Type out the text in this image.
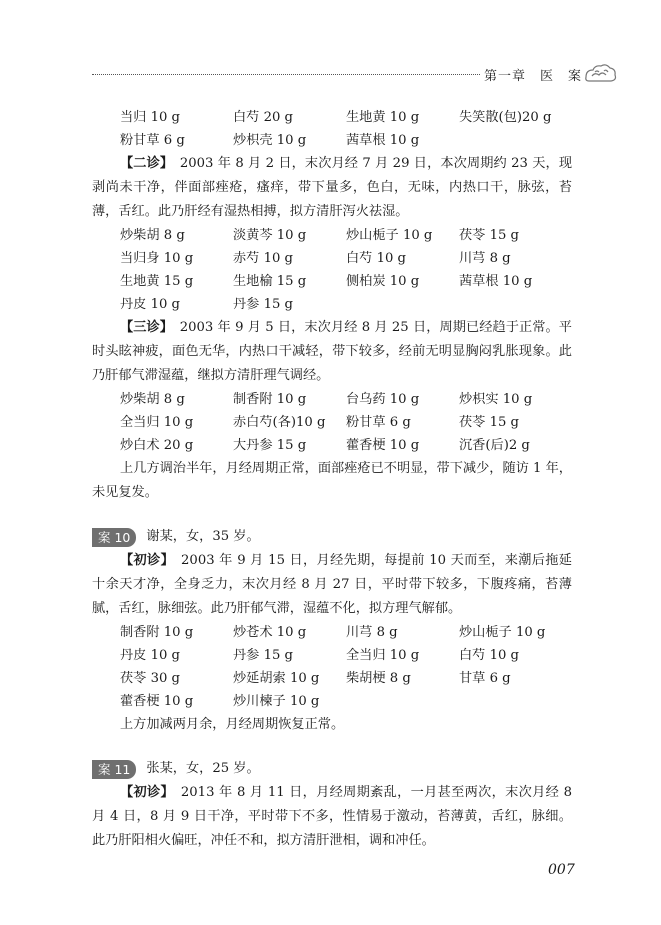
第一章 医　案
当归 10 g	白芍 20 g	生地黄 10 g	失笑散(包)20 g
粉甘草 6 g	炒枳壳 10 g	茜草根 10 g

【二诊】　2003 年 8 月 2 日，末次月经 7 月 29 日，本次周期约 23 天，现剥尚未干净，伴面部痤疮，瘙痒，带下量多，色白，无味，内热口干，脉弦，苔薄，舌红。此乃肝经有湿热相搏，拟方清肝泻火祛湿。

炒柴胡 8 g	淡黄芩 10 g	炒山栀子 10 g	茯苓 15 g
当归身 10 g	赤芍 10 g	白芍 10 g	川芎 8 g
生地黄 15 g	生地榆 15 g	侧柏炭 10 g	茜草根 10 g
丹皮 10 g	丹参 15 g

【三诊】　2003 年 9 月 5 日，末次月经 8 月 25 日，周期已经趋于正常。平时头眩神疲，面色无华，内热口干减轻，带下较多，经前无明显胸闷乳胀现象。此乃肝郁气滞湿蕴，继拟方清肝理气调经。

炒柴胡 8 g	制香附 10 g	台乌药 10 g	炒枳实 10 g
全当归 10 g	赤白芍(各)10 g	粉甘草 6 g	茯苓 15 g
炒白术 20 g	大丹参 15 g	藿香梗 10 g	沉香(后)2 g

上几方调治半年，月经周期正常，面部痤疮已不明显，带下减少，随访 1 年，未见复发。

案 10	谢某，女，35 岁。

【初诊】　2003 年 9 月 15 日，月经先期，每提前 10 天而至，来潮后拖延十余天才净，全身乏力，末次月经 8 月 27 日，平时带下较多，下腹疼痛，苔薄腻，舌红，脉细弦。此乃肝郁气滞，湿蕴不化，拟方理气解郁。

制香附 10 g	炒苍术 10 g	川芎 8 g	炒山栀子 10 g
丹皮 10 g	丹参 15 g	全当归 10 g	白芍 10 g
茯苓 30 g	炒延胡索 10 g	柴胡梗 8 g	甘草 6 g
藿香梗 10 g	炒川楝子 10 g

上方加减两月余，月经周期恢复正常。

案 11	张某，女，25 岁。

【初诊】　2013 年 8 月 11 日，月经周期紊乱，一月甚至两次，末次月经 8 月 4 日，8 月 9 日干净，平时带下不多，性情易于激动，苔薄黄，舌红，脉细。此乃肝阳相火偏旺，冲任不和，拟方清肝泄相，调和冲任。

007
